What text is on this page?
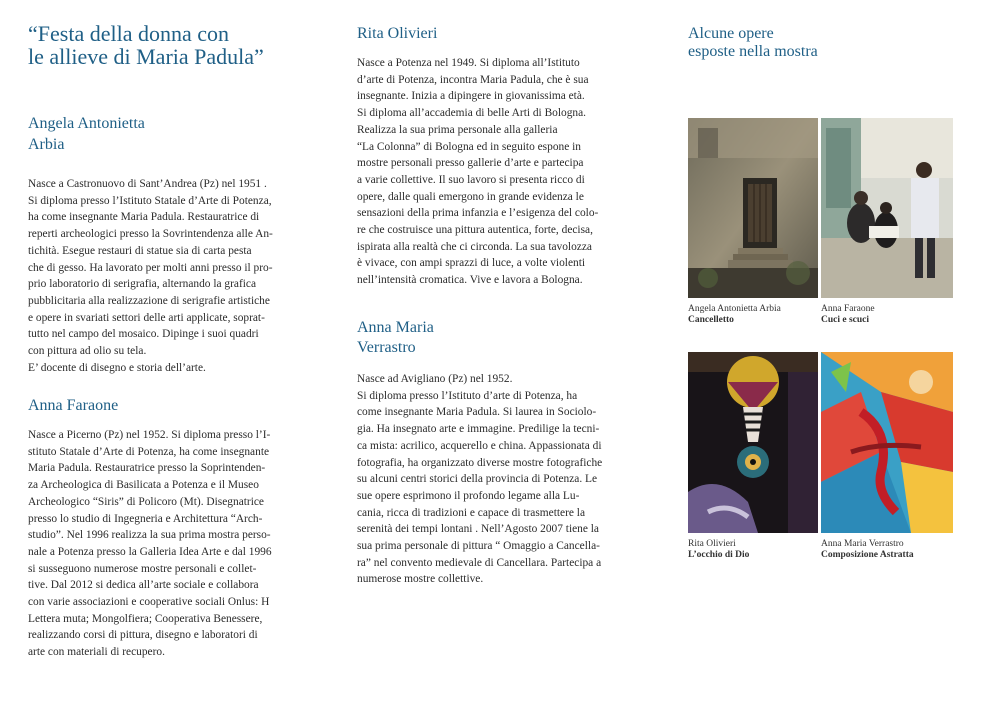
“Festa della donna con
le allieve di Maria Padula”
Angela Antonietta
Arbia

Nasce a Castronuovo di Sant’Andrea (Pz) nel 1951 .
Si diploma presso l’Istituto Statale d’Arte di Potenza,
ha come insegnante Maria Padula. Restauratrice di
reperti archeologici presso la Sovrintendenza alle An-
tichità. Esegue restauri di statue sia di carta pesta
che di gesso. Ha lavorato per molti anni presso il pro-
prio laboratorio di serigrafia, alternando la grafica
pubblicitaria alla realizzazione di serigrafie artistiche
e opere in svariati settori delle arti applicate, soprat-
tutto nel campo del mosaico. Dipinge i suoi quadri
con pittura ad olio su tela.
E’ docente di disegno e storia dell’arte.

Anna Faraone

Nasce a Picerno (Pz) nel 1952. Si diploma presso l’I-
stituto Statale d’Arte di Potenza, ha come insegnante
Maria Padula. Restauratrice presso la Soprintenden-
za Archeologica di Basilicata a Potenza e il Museo
Archeologico “Siris” di Policoro (Mt). Disegnatrice
presso lo studio di Ingegneria e Architettura “Arch-
studio”. Nel 1996 realizza la sua prima mostra perso-
nale a Potenza presso la Galleria Idea Arte e dal 1996
si susseguono numerose mostre personali e collet-
tive. Dal 2012 si dedica all’arte sociale e collabora
con varie associazioni e cooperative sociali Onlus: H
Lettera muta; Mongolfiera; Cooperativa Benessere,
realizzando corsi di pittura, disegno e laboratori di
arte con materiali di recupero.

Rita Olivieri

Nasce a Potenza nel 1949. Si diploma all’Istituto
d’arte di Potenza, incontra Maria Padula, che è sua
insegnante. Inizia a dipingere in giovanissima età.
Si diploma all’accademia di belle Arti di Bologna.
Realizza la sua prima personale alla galleria
“La Colonna” di Bologna ed in seguito espone in
mostre personali presso gallerie d’arte e partecipa
a varie collettive. Il suo lavoro si presenta ricco di
opere, dalle quali emergono in grande evidenza le
sensazioni della prima infanzia e l’esigenza del colo-
re che costruisce una pittura autentica, forte, decisa,
ispirata alla realtà che ci circonda. La sua tavolozza
è vivace, con ampi sprazzi di luce, a volte violenti
nell’intensità cromatica. Vive e lavora a Bologna.

Anna Maria
Verrastro

Nasce ad Avigliano (Pz) nel 1952.
Si diploma presso l’Istituto d’arte di Potenza, ha
come insegnante Maria Padula. Si laurea in Sociolo-
gia. Ha insegnato arte e immagine. Predilige la tecni-
ca mista: acrilico, acquerello e china. Appassionata di
fotografia, ha organizzato diverse mostre fotografiche
su alcuni centri storici della provincia di Potenza. Le
sue opere esprimono il profondo legame alla Lu-
cania, ricca di tradizioni e capace di trasmettere la
serenità dei tempi lontani . Nell’Agosto 2007 tiene la
sua prima personale di pittura “ Omaggio a Cancella-
ra” nel convento medievale di Cancellara. Partecipa a
numerose mostre collettive.

Alcune opere
esposte nella mostra
Angela Antonietta Arbia
Cancelletto
Anna Faraone
Cuci e scuci
Rita Olivieri
L’occhio di Dio
Anna Maria Verrastro
Composizione Astratta
